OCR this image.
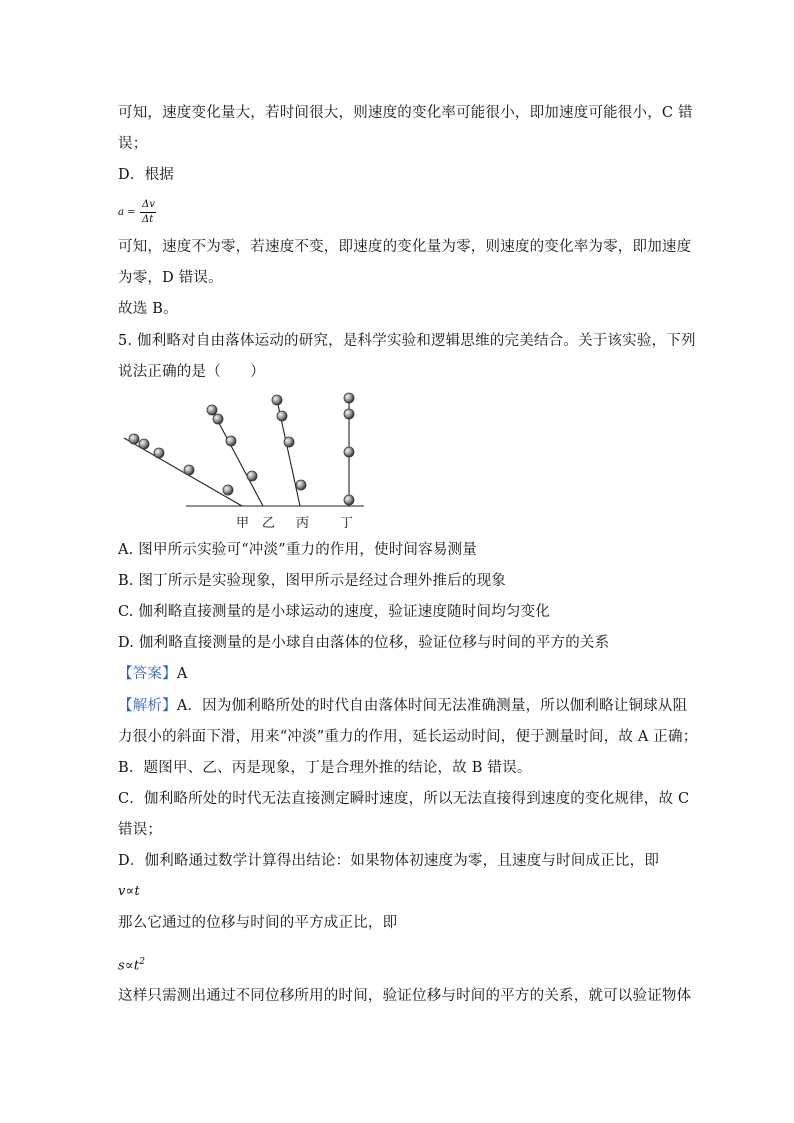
可知，速度变化量大，若时间很大，则速度的变化率可能很小，即加速度可能很小，C 错
误；
D．根据
a =
Δv
Δt
可知，速度不为零，若速度不变，即速度的变化量为零，则速度的变化率为零，即加速度
为零，D 错误。
故选 B。
5. 伽利略对自由落体运动的研究，是科学实验和逻辑思维的完美结合。关于该实验，下列
说法正确的是（　　）
甲 乙 丙 丁
A. 图甲所示实验可“冲淡”重力的作用，使时间容易测量
B. 图丁所示是实验现象，图甲所示是经过合理外推后的现象
C. 伽利略直接测量的是小球运动的速度，验证速度随时间均匀变化
D. 伽利略直接测量的是小球自由落体的位移，验证位移与时间的平方的关系
【答案】A
【解析】A．因为伽利略所处的时代自由落体时间无法准确测量，所以伽利略让铜球从阻
力很小的斜面下滑，用来“冲淡”重力的作用，延长运动时间，便于测量时间，故 A 正确；
B．题图甲、乙、丙是现象，丁是合理外推的结论，故 B 错误。
C．伽利略所处的时代无法直接测定瞬时速度，所以无法直接得到速度的变化规律，故 C
错误；
D．伽利略通过数学计算得出结论：如果物体初速度为零，且速度与时间成正比，即
v∝t
那么它通过的位移与时间的平方成正比，即
$s\propto t^2$
这样只需测出通过不同位移所用的时间，验证位移与时间的平方的关系，就可以验证物体
